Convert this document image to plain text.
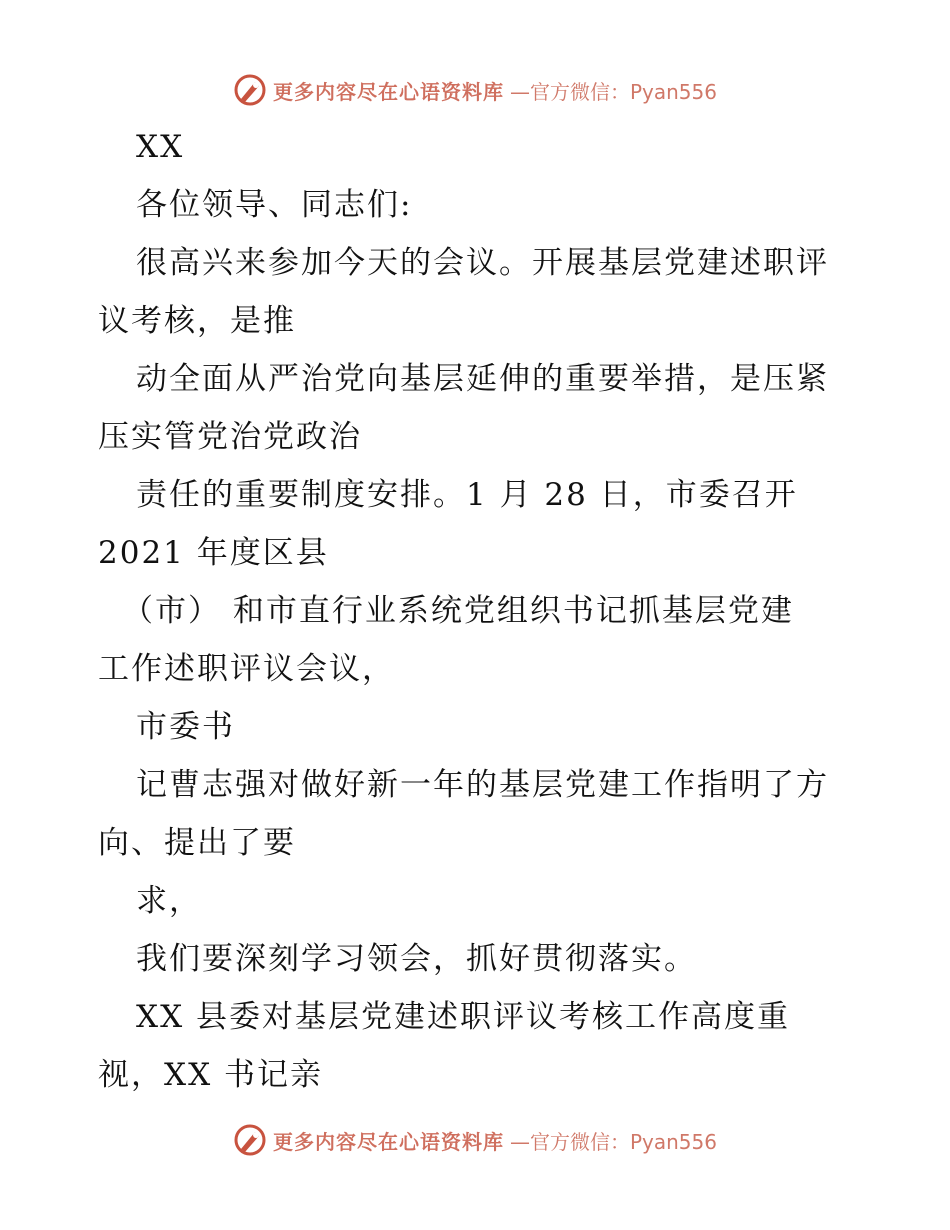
更多内容尽在心语资料库 —官方微信：Pyan556
XX
各位领导、同志们:
很高兴来参加今天的会议。开展基层党建述职评
议考核，是推
动全面从严治党向基层延伸的重要举措，是压紧
压实管党治党政治
责任的重要制度安排。1 月 28 日，市委召开
2021 年度区县
（市） 和市直行业系统党组织书记抓基层党建
工作述职评议会议，
市委书
记曹志强对做好新一年的基层党建工作指明了方
向、提出了要
求，
我们要深刻学习领会，抓好贯彻落实。
XX 县委对基层党建述职评议考核工作高度重
视，XX 书记亲
更多内容尽在心语资料库 —官方微信：Pyan556
